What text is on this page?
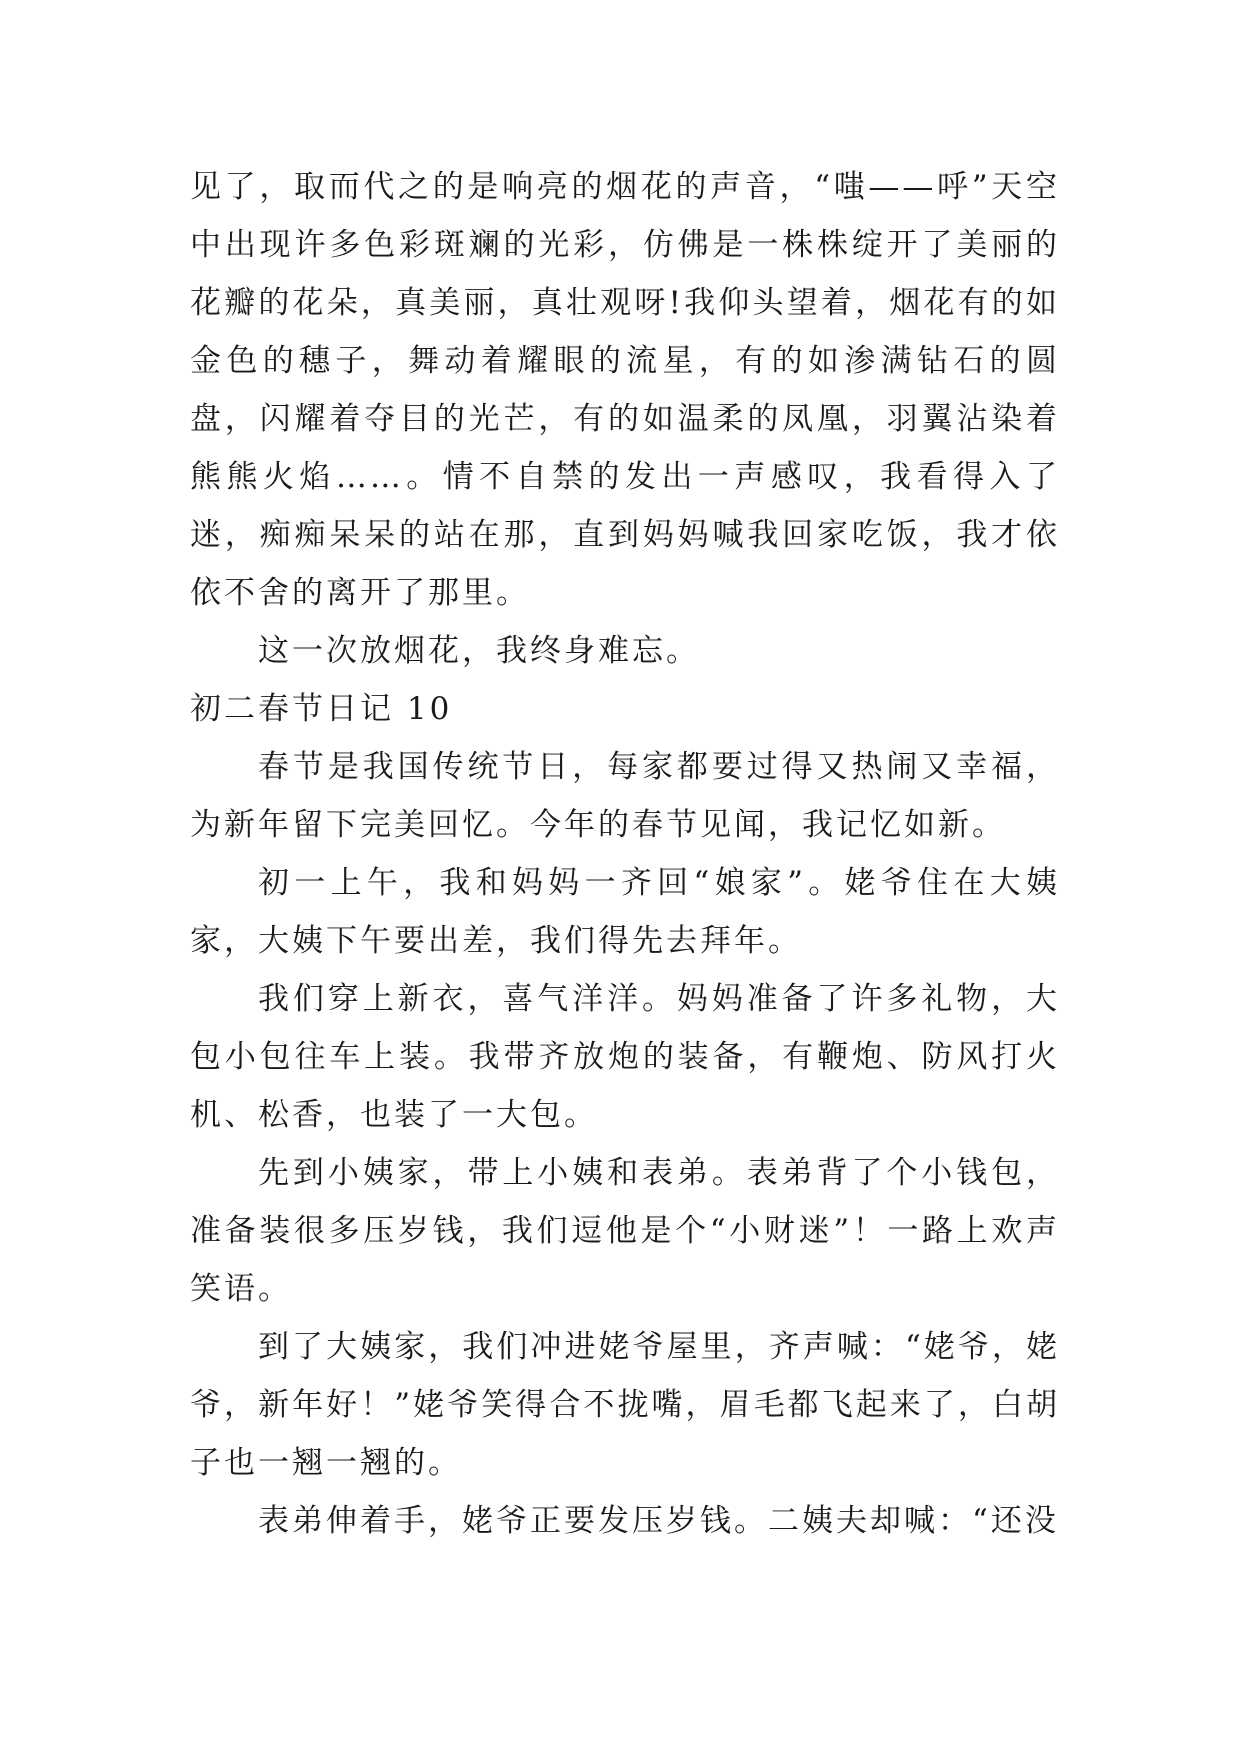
见了，取而代之的是响亮的烟花的声音，“嗤——呼”天空中出现许多色彩斑斓的光彩，仿佛是一株株绽开了美丽的花瓣的花朵，真美丽，真壮观呀!我仰头望着，烟花有的如金色的穗子，舞动着耀眼的流星，有的如渗满钻石的圆盘，闪耀着夺目的光芒，有的如温柔的凤凰，羽翼沾染着熊熊火焰……。情不自禁的发出一声感叹，我看得入了迷，痴痴呆呆的站在那，直到妈妈喊我回家吃饭，我才依依不舍的离开了那里。

这一次放烟花，我终身难忘。

初二春节日记 10

春节是我国传统节日，每家都要过得又热闹又幸福，为新年留下完美回忆。今年的春节见闻，我记忆如新。

初一上午，我和妈妈一齐回“娘家”。姥爷住在大姨家，大姨下午要出差，我们得先去拜年。

我们穿上新衣，喜气洋洋。妈妈准备了许多礼物，大包小包往车上装。我带齐放炮的装备，有鞭炮、防风打火机、松香，也装了一大包。

先到小姨家，带上小姨和表弟。表弟背了个小钱包，准备装很多压岁钱，我们逗他是个“小财迷”！一路上欢声笑语。

到了大姨家，我们冲进姥爷屋里，齐声喊：“姥爷，姥爷，新年好！”姥爷笑得合不拢嘴，眉毛都飞起来了，白胡子也一翘一翘的。

表弟伸着手，姥爷正要发压岁钱。二姨夫却喊：“还没
